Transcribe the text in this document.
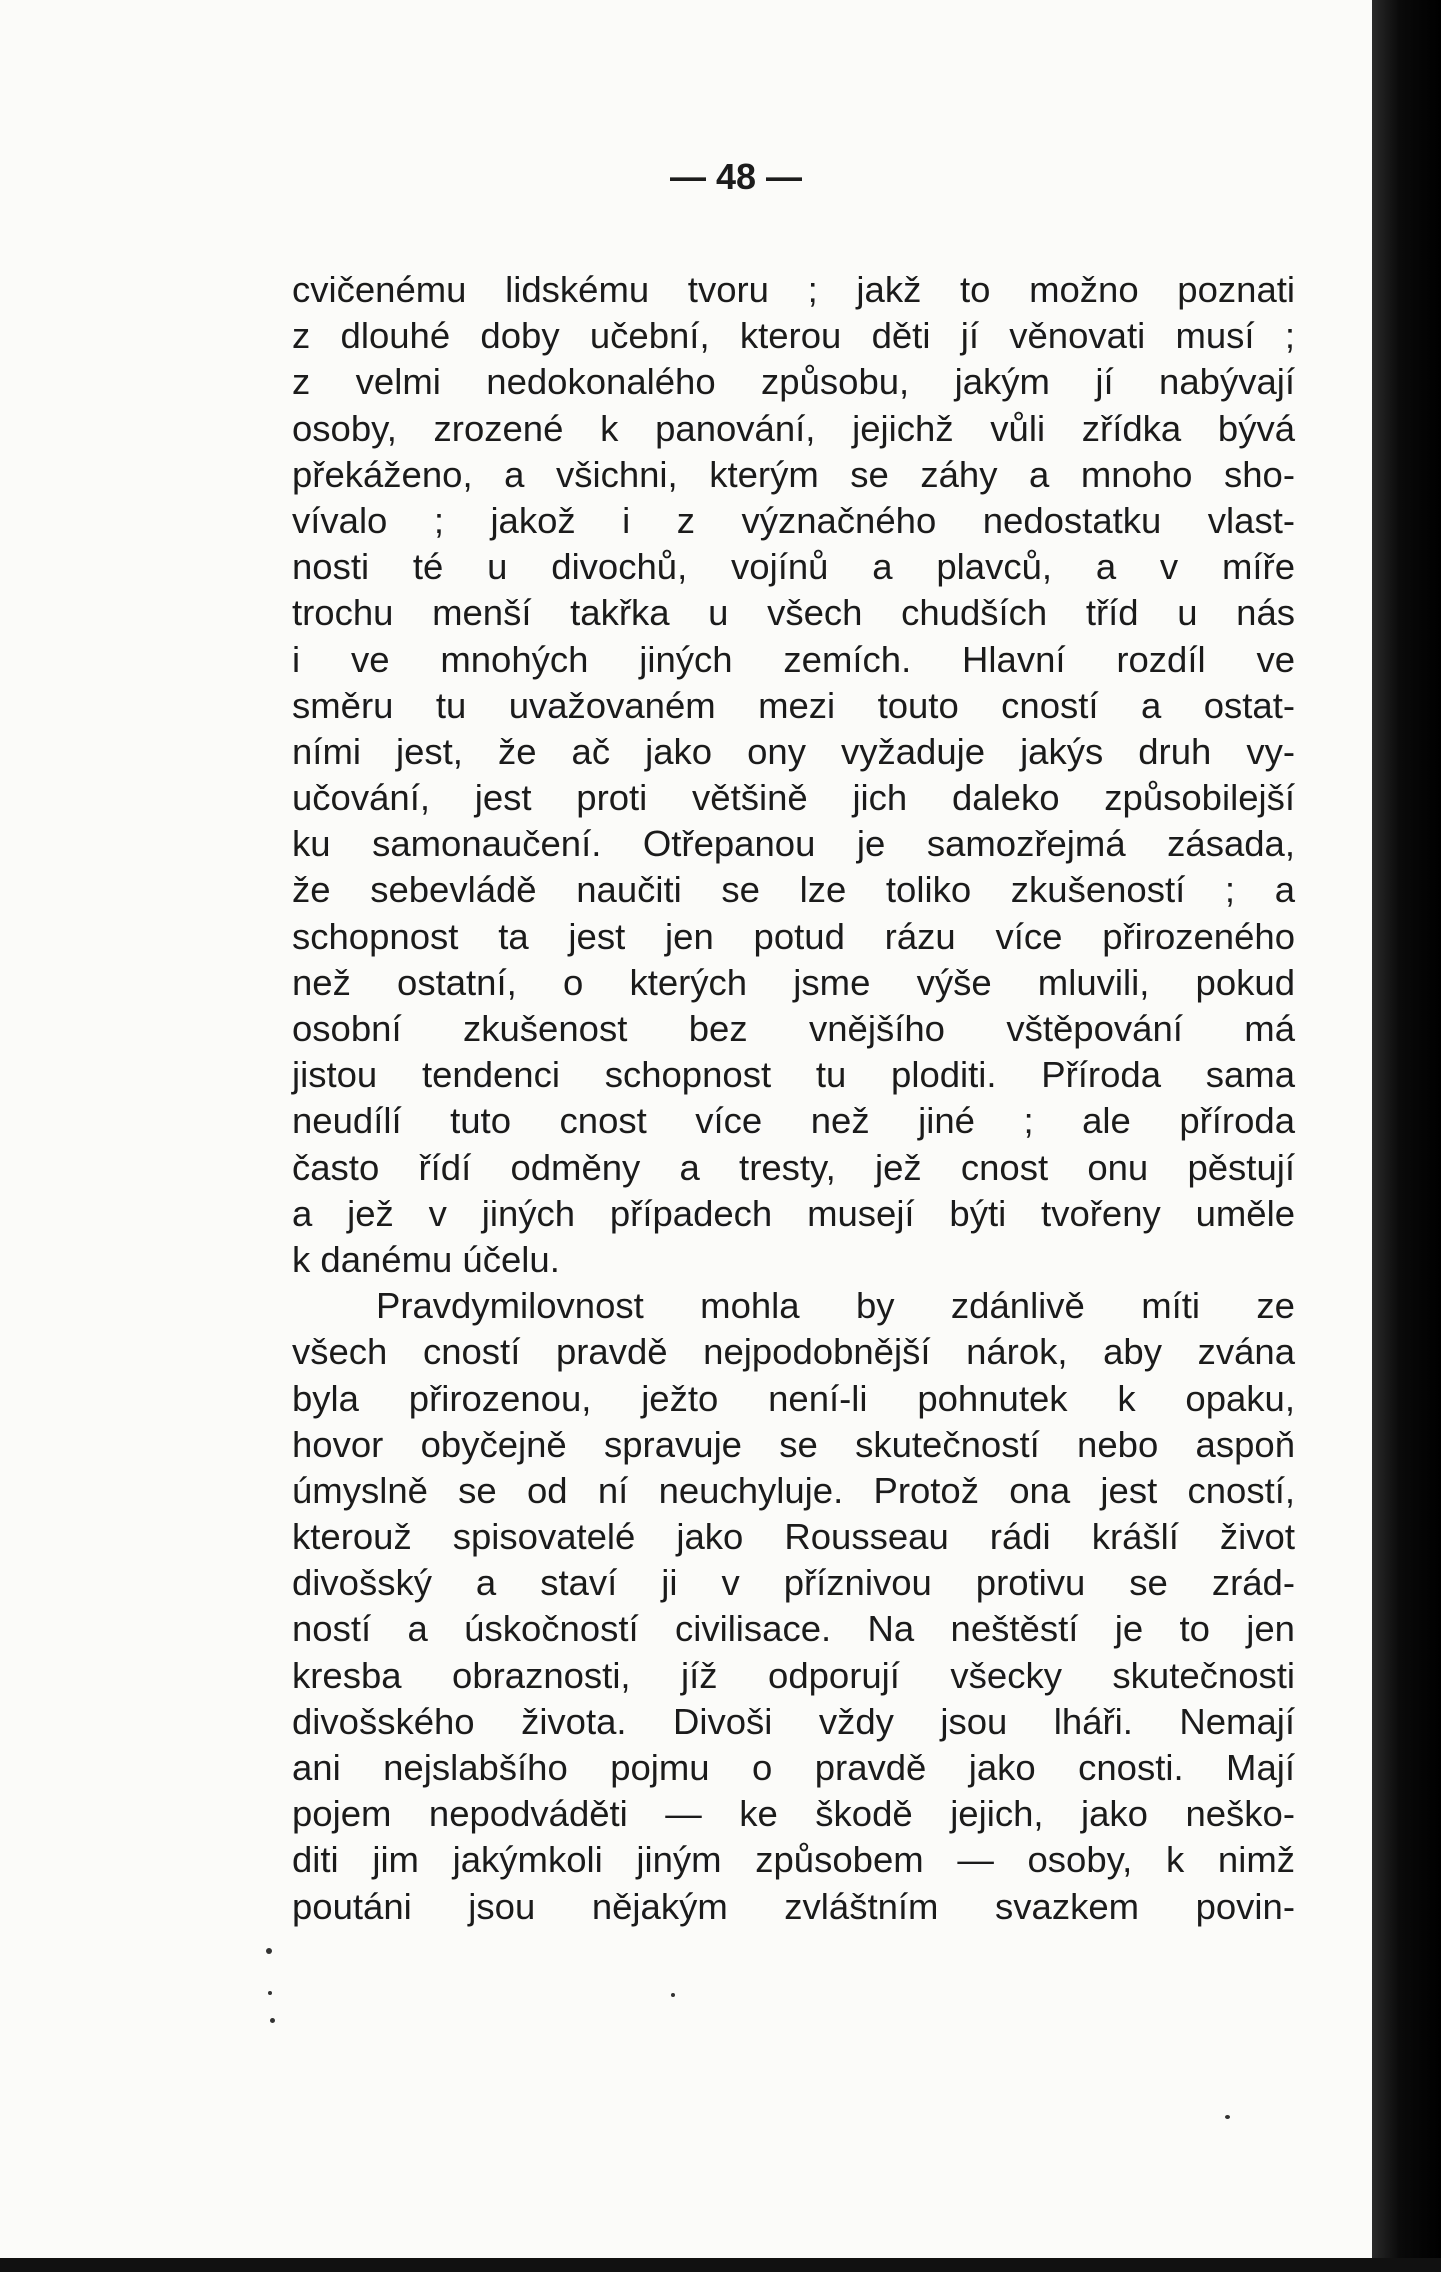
— 48 —
cvičenému lidskému tvoru ; jakž to možno poznati
z dlouhé doby učební, kterou děti jí věnovati musí ;
z velmi nedokonalého způsobu, jakým jí nabývají
osoby, zrozené k panování, jejichž vůli zřídka bývá
překáženo, a všichni, kterým se záhy a mnoho sho-
vívalo ; jakož i z význačného nedostatku vlast-
nosti té u divochů, vojínů a plavců, a v míře
trochu menší takřka u všech chudších tříd u nás
i ve mnohých jiných zemích. Hlavní rozdíl ve
směru tu uvažovaném mezi touto cností a ostat-
ními jest, že ač jako ony vyžaduje jakýs druh vy-
učování, jest proti většině jich daleko způsobilejší
ku samonaučení. Otřepanou je samozřejmá zásada,
že sebevládě naučiti se lze toliko zkušeností ; a
schopnost ta jest jen potud rázu více přirozeného
než ostatní, o kterých jsme výše mluvili, pokud
osobní zkušenost bez vnějšího vštěpování má
jistou tendenci schopnost tu ploditi. Příroda sama
neudílí tuto cnost více než jiné ; ale příroda
často řídí odměny a tresty, jež cnost onu pěstují
a jež v jiných případech musejí býti tvořeny uměle
k danému účelu.
Pravdymilovnost mohla by zdánlivě míti ze
všech cností pravdě nejpodobnější nárok, aby zvána
byla přirozenou, ježto není-li pohnutek k opaku,
hovor obyčejně spravuje se skutečností nebo aspoň
úmyslně se od ní neuchyluje. Protož ona jest cností,
kterouž spisovatelé jako Rousseau rádi krášlí život
divošský a staví ji v příznivou protivu se zrád-
ností a úskočností civilisace. Na neštěstí je to jen
kresba obraznosti, jíž odporují všecky skutečnosti
divošského života. Divoši vždy jsou lháři. Nemají
ani nejslabšího pojmu o pravdě jako cnosti. Mají
pojem nepodváděti — ke škodě jejich, jako neško-
diti jim jakýmkoli jiným způsobem — osoby, k nimž
poutáni jsou nějakým zvláštním svazkem povin-
